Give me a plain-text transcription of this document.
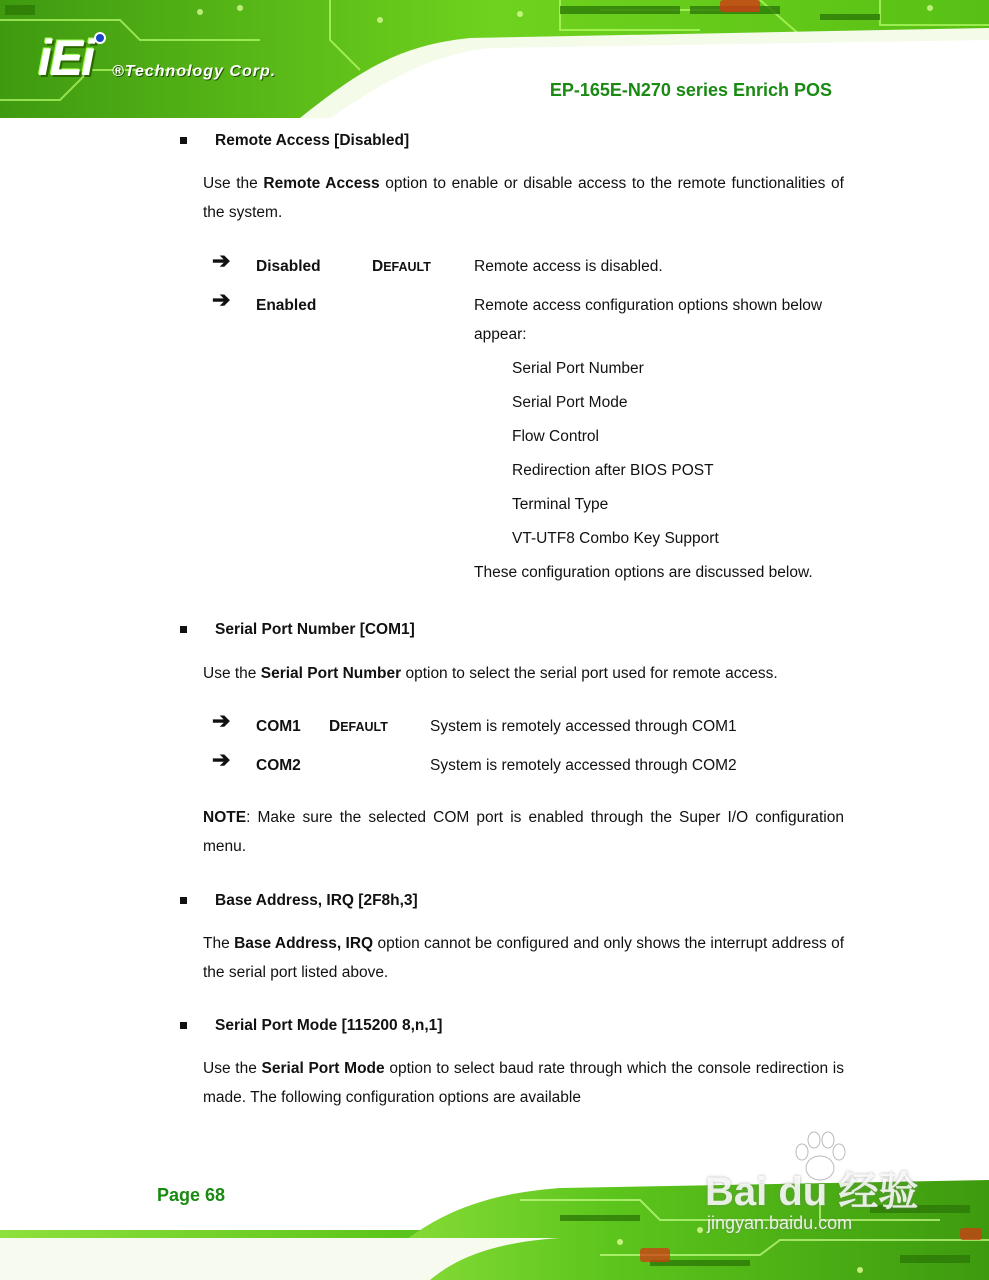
iEi ®Technology Corp.
EP-165E-N270 series Enrich POS
Remote Access [Disabled]
Use the Remote Access option to enable or disable access to the remote functionalities of the system.
➔ Disabled	DEFAULT	Remote access is disabled.
➔ Enabled	Remote access configuration options shown below
appear:
Serial Port Number
Serial Port Mode
Flow Control
Redirection after BIOS POST
Terminal Type
VT-UTF8 Combo Key Support
These configuration options are discussed below.
Serial Port Number [COM1]
Use the Serial Port Number option to select the serial port used for remote access.
➔ COM1 DEFAULT	System is remotely accessed through COM1
➔ COM2	System is remotely accessed through COM2
NOTE: Make sure the selected COM port is enabled through the Super I/O configuration menu.
Base Address, IRQ [2F8h,3]
The Base Address, IRQ option cannot be configured and only shows the interrupt address of the serial port listed above.
Serial Port Mode [115200 8,n,1]
Use the Serial Port Mode option to select baud rate through which the console redirection is made. The following configuration options are available
Page 68	Bai du 经验
jingyan.baidu.com
